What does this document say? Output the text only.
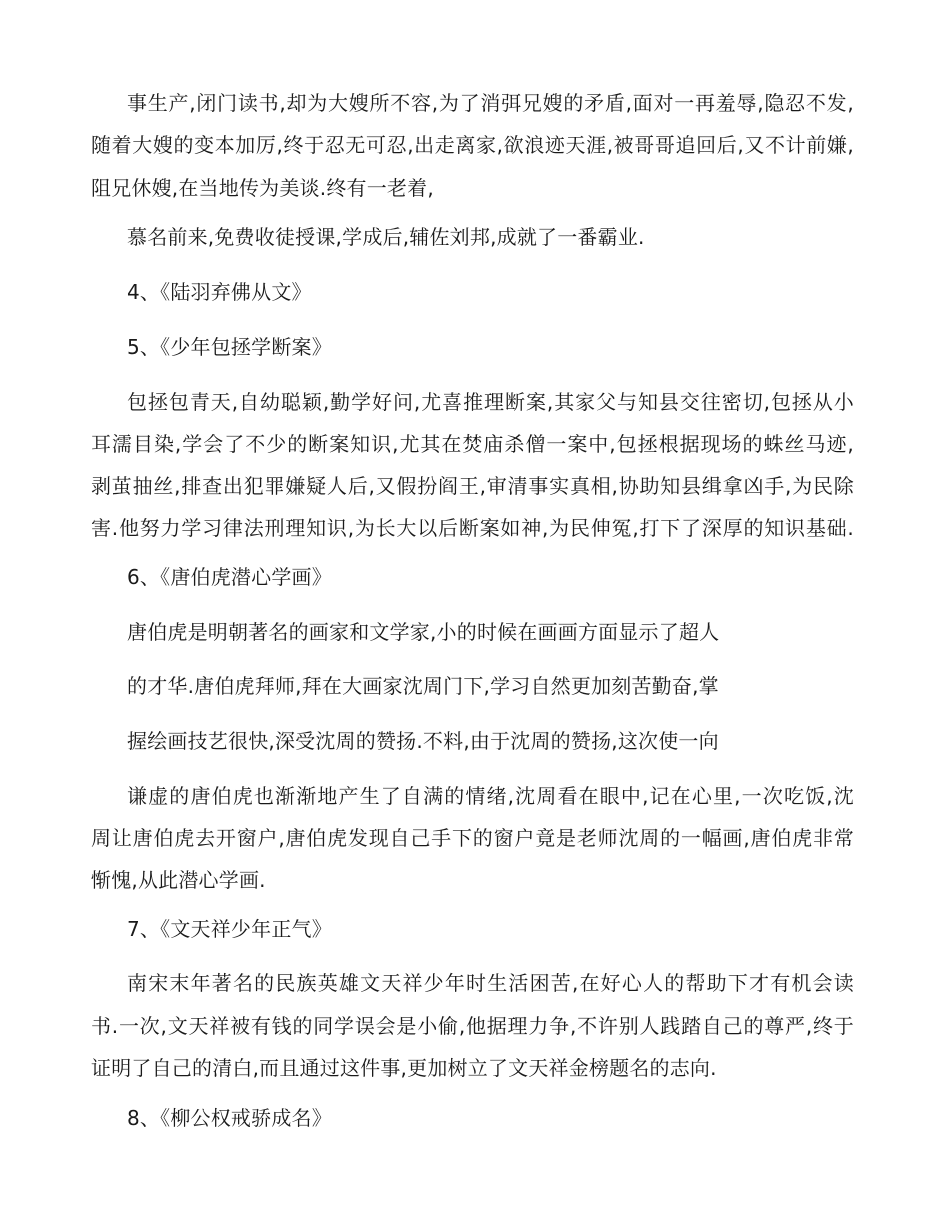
事生产,闭门读书,却为大嫂所不容,为了消弭兄嫂的矛盾,面对一再羞辱,隐忍不发,
随着大嫂的变本加厉,终于忍无可忍,出走离家,欲浪迹天涯,被哥哥追回后,又不计前嫌,
阻兄休嫂,在当地传为美谈.终有一老着,
慕名前来,免费收徒授课,学成后,辅佐刘邦,成就了一番霸业.
4、《陆羽弃佛从文》
5、《少年包拯学断案》
包拯包青天,自幼聪颖,勤学好问,尤喜推理断案,其家父与知县交往密切,包拯从小
耳濡目染,学会了不少的断案知识,尤其在焚庙杀僧一案中,包拯根据现场的蛛丝马迹,
剥茧抽丝,排查出犯罪嫌疑人后,又假扮阎王,审清事实真相,协助知县缉拿凶手,为民除
害.他努力学习律法刑理知识,为长大以后断案如神,为民伸冤,打下了深厚的知识基础.
6、《唐伯虎潜心学画》
唐伯虎是明朝著名的画家和文学家,小的时候在画画方面显示了超人
的才华.唐伯虎拜师,拜在大画家沈周门下,学习自然更加刻苦勤奋,掌
握绘画技艺很快,深受沈周的赞扬.不料,由于沈周的赞扬,这次使一向
谦虚的唐伯虎也渐渐地产生了自满的情绪,沈周看在眼中,记在心里,一次吃饭,沈
周让唐伯虎去开窗户,唐伯虎发现自己手下的窗户竟是老师沈周的一幅画,唐伯虎非常
惭愧,从此潜心学画.
7、《文天祥少年正气》
南宋末年著名的民族英雄文天祥少年时生活困苦,在好心人的帮助下才有机会读
书.一次,文天祥被有钱的同学误会是小偷,他据理力争,不许别人践踏自己的尊严,终于
证明了自己的清白,而且通过这件事,更加树立了文天祥金榜题名的志向.
8、《柳公权戒骄成名》
